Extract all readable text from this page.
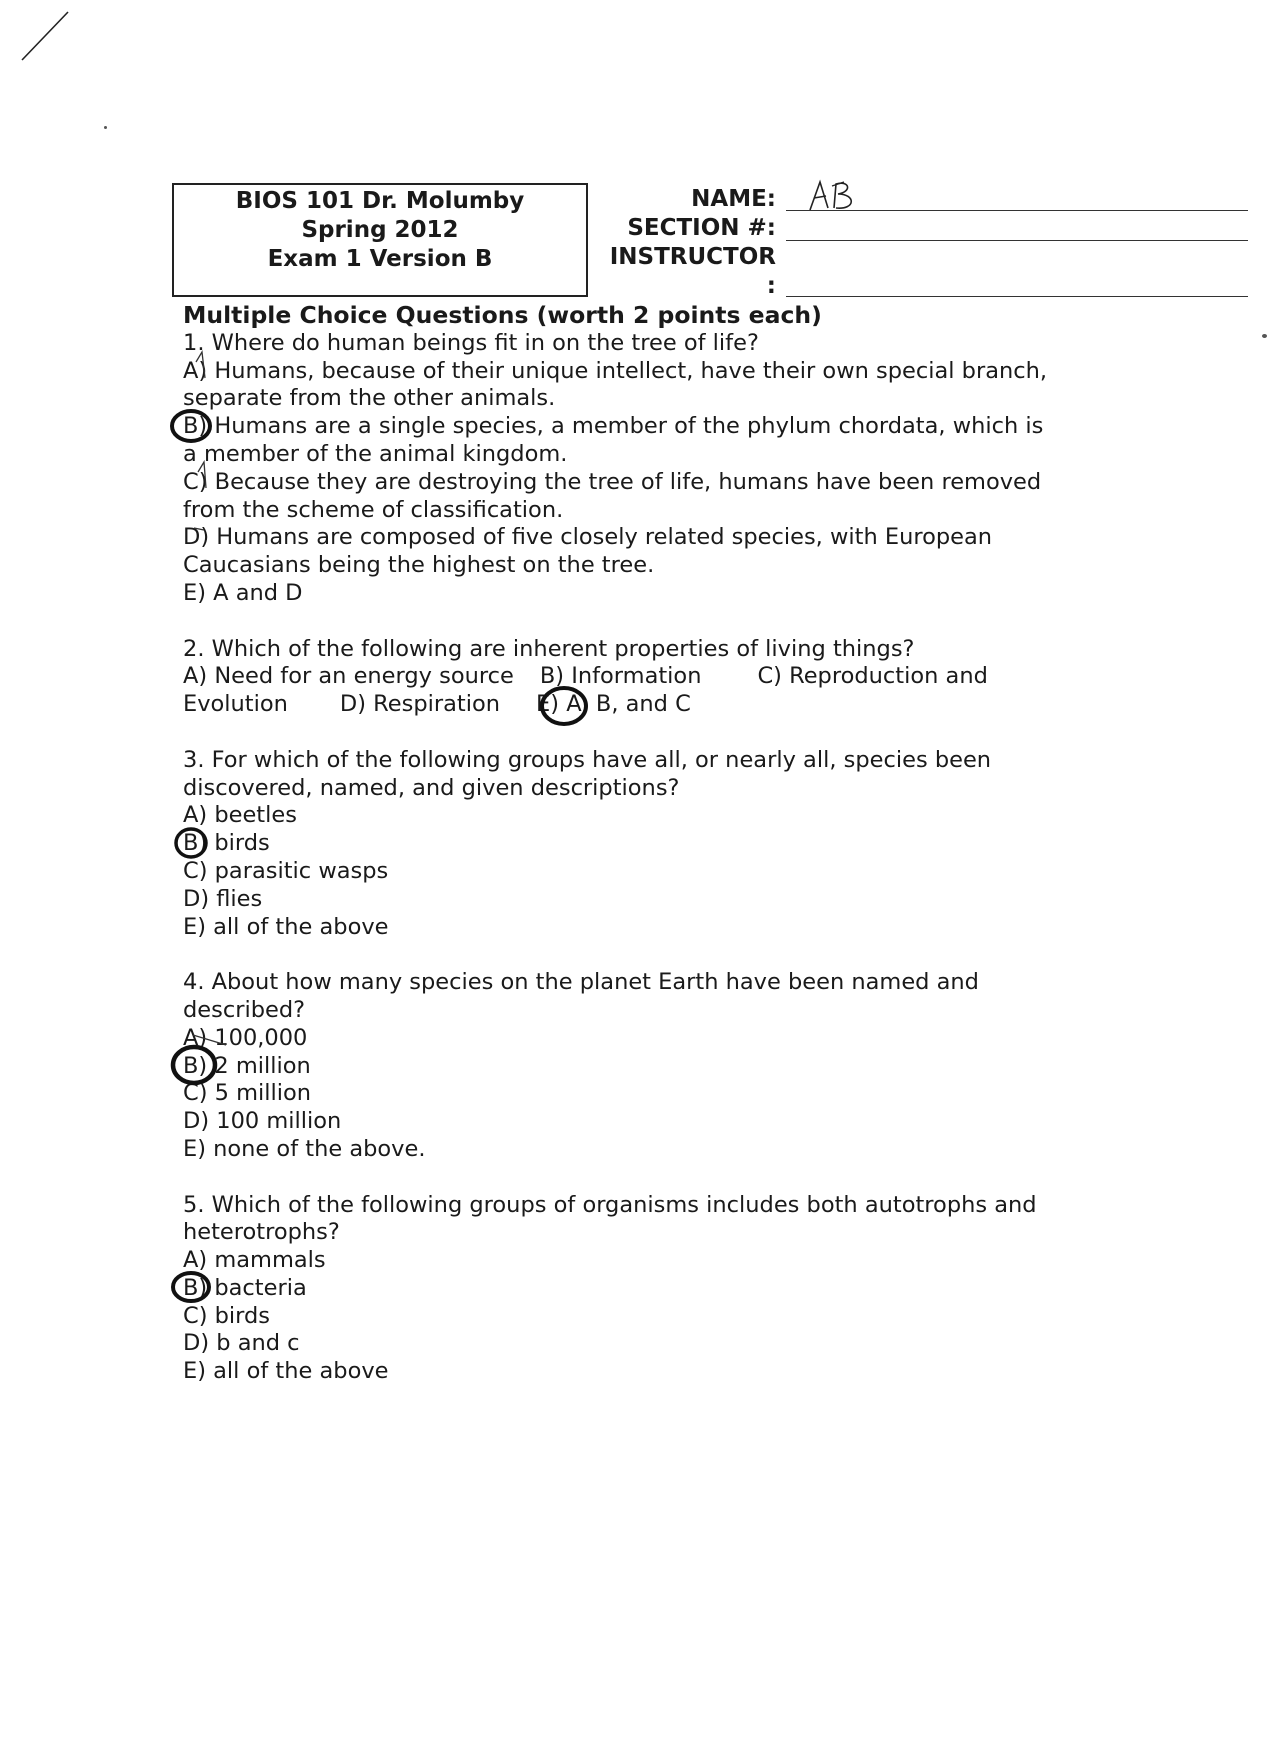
BIOS 101 Dr. Molumby
Spring 2012
Exam 1 Version B
NAME:
SECTION #:
INSTRUCTOR
:
Multiple Choice Questions (worth 2 points each)
1. Where do human beings fit in on the tree of life?
A) Humans, because of their unique intellect, have their own special branch,
separate from the other animals.
B) Humans are a single species, a member of the phylum chordata, which is
a member of the animal kingdom.
C) Because they are destroying the tree of life, humans have been removed
from the scheme of classification.
D) Humans are composed of five closely related species, with European
Caucasians being the highest on the tree.
E) A and D
2. Which of the following are inherent properties of living things?
A) Need for an energy source B) Information C) Reproduction and
Evolution D) Respiration E) A, B, and C
3. For which of the following groups have all, or nearly all, species been
discovered, named, and given descriptions?
A) beetles
B) birds
C) parasitic wasps
D) flies
E) all of the above
4. About how many species on the planet Earth have been named and
described?
A) 100,000
B) 2 million
C) 5 million
D) 100 million
E) none of the above.
5. Which of the following groups of organisms includes both autotrophs and
heterotrophs?
A) mammals
B) bacteria
C) birds
D) b and c
E) all of the above
